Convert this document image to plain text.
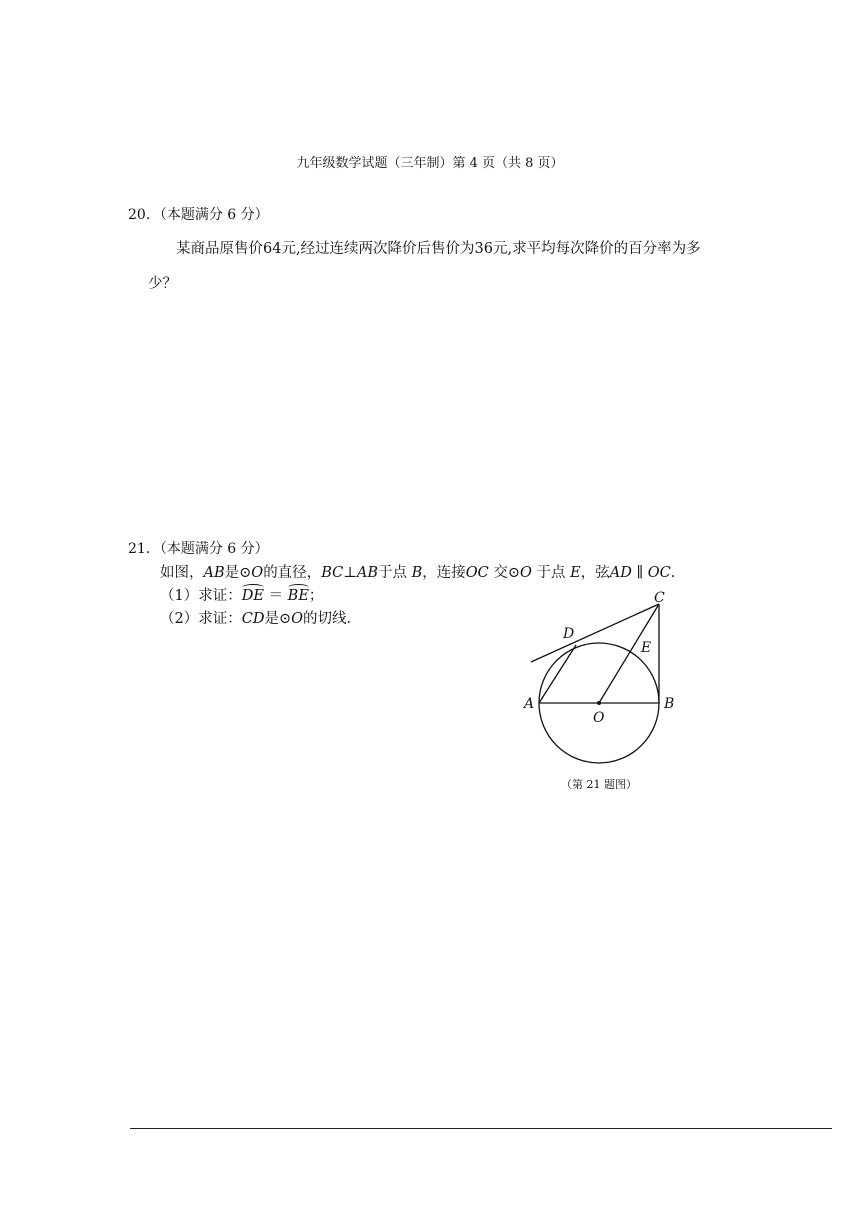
九年级数学试题（三年制）第 4 页（共 8 页）
20．（本题满分 6 分）
某商品原售价64元,经过连续两次降价后售价为36元,求平均每次降价的百分率为多
少？
21．（本题满分 6 分）
如图，AB是⊙O的直径，BC⊥AB于点 B，连接OC 交⊙O 于点 E，弦AD ∥ OC.
（1）求证：DE ＝ BE；
（2）求证：CD是⊙O的切线.
A	B
C
D
E
O
（第 21 题图）
